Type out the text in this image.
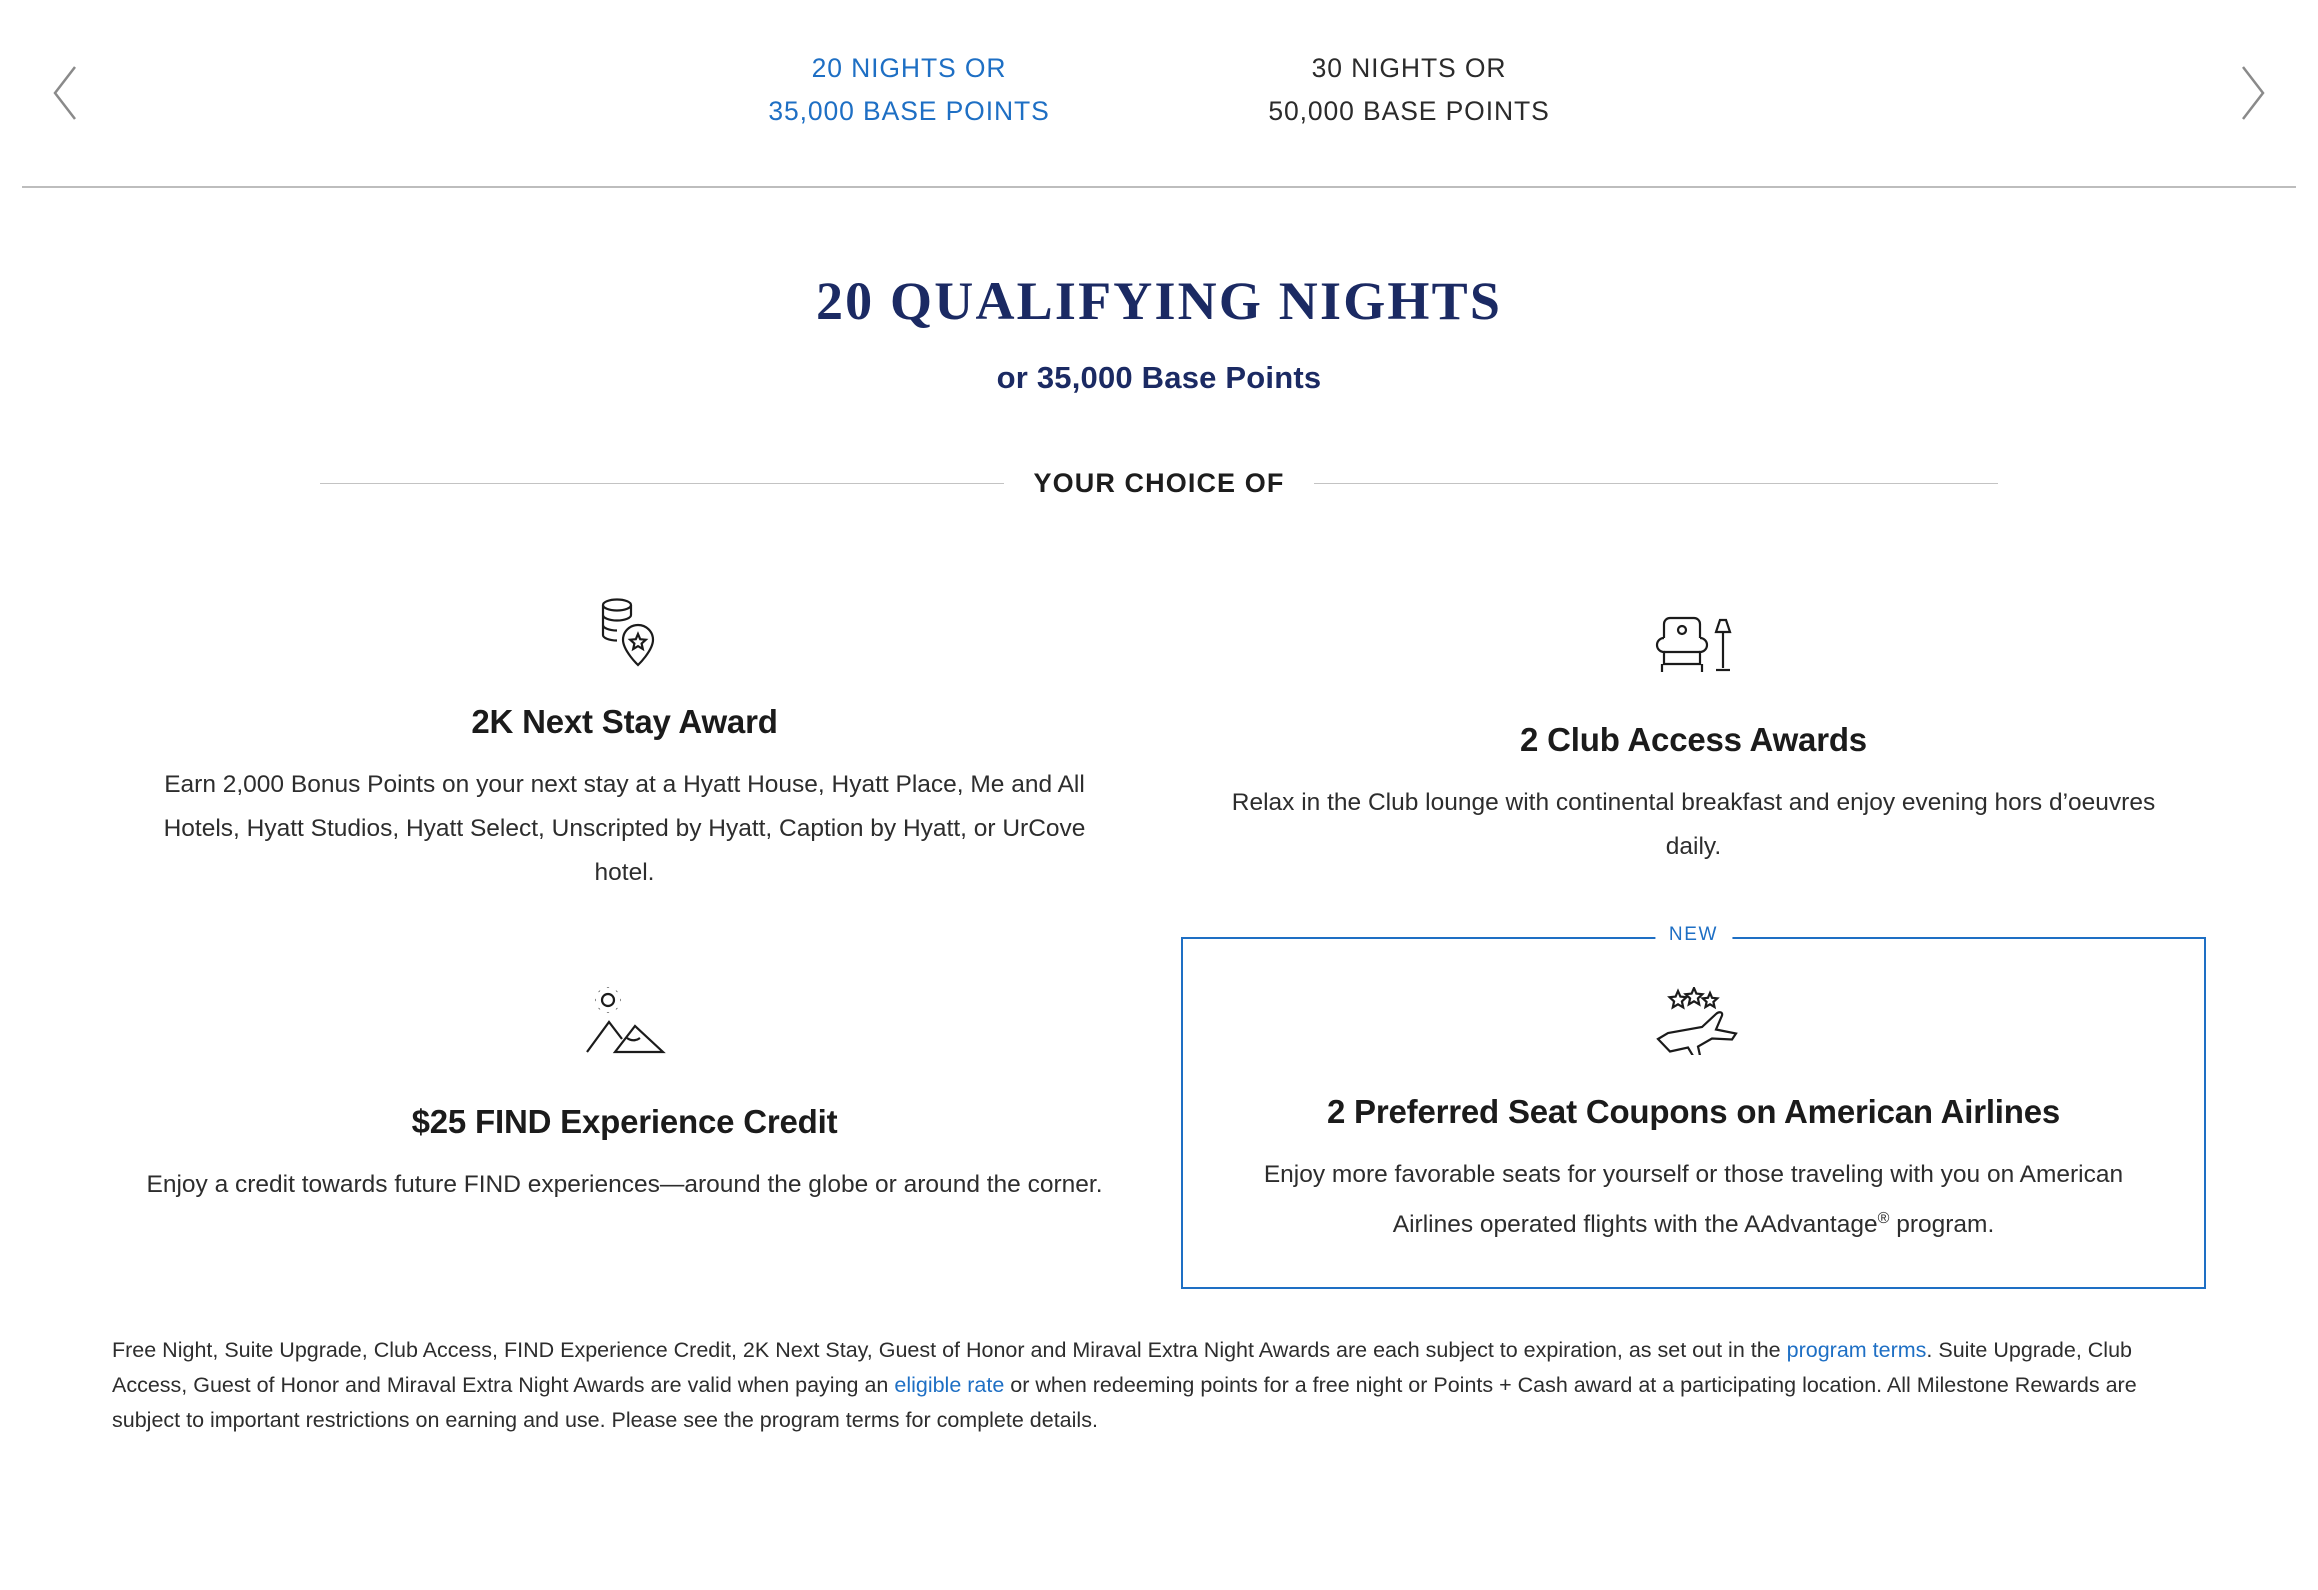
20 NIGHTS OR
35,000 BASE POINTS
30 NIGHTS OR
50,000 BASE POINTS
20 QUALIFYING NIGHTS
or 35,000 Base Points
YOUR CHOICE OF
2K Next Stay Award
Earn 2,000 Bonus Points on your next stay at a Hyatt House, Hyatt Place, Me and All Hotels, Hyatt Studios, Hyatt Select, Unscripted by Hyatt, Caption by Hyatt, or UrCove hotel.
2 Club Access Awards
Relax in the Club lounge with continental breakfast and enjoy evening hors d’oeuvres daily.
$25 FIND Experience Credit
Enjoy a credit towards future FIND experiences—around the globe or around the corner.
NEW
2 Preferred Seat Coupons on American Airlines
Enjoy more favorable seats for yourself or those traveling with you on American Airlines operated flights with the AAdvantage® program.
Free Night, Suite Upgrade, Club Access, FIND Experience Credit, 2K Next Stay, Guest of Honor and Miraval Extra Night Awards are each subject to expiration, as set out in the program terms. Suite Upgrade, Club Access, Guest of Honor and Miraval Extra Night Awards are valid when paying an eligible rate or when redeeming points for a free night or Points + Cash award at a participating location. All Milestone Rewards are subject to important restrictions on earning and use. Please see the program terms for complete details.
